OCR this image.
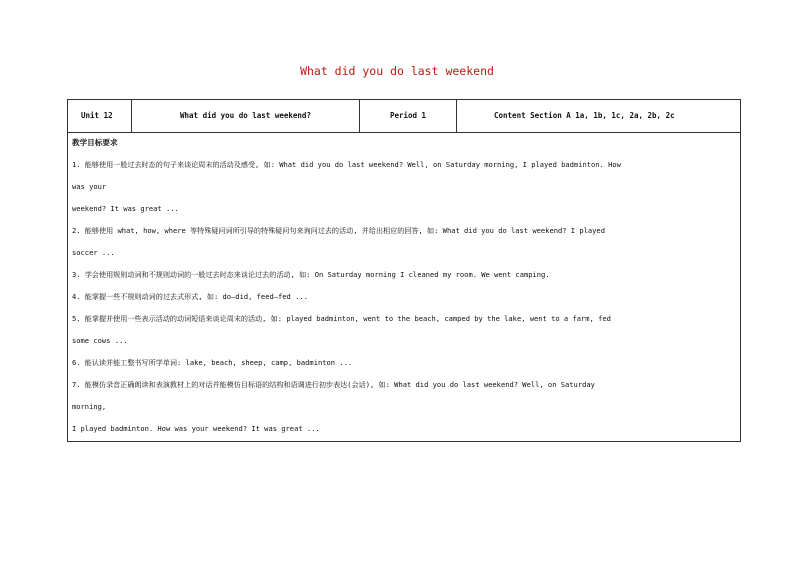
What did you do last weekend
Unit 12	What did you do last weekend?	Period 1	Content Section A 1a, 1b, 1c, 2a, 2b, 2c
教学目标要求
1. 能够使用一般过去时态的句子来谈论周末的活动及感受, 如: What did you do last weekend? Well, on Saturday morning, I played badminton. How
was your
weekend? It was great ...
2. 能够使用 what, how, where 等特殊疑问词所引导的特殊疑问句来询问过去的活动, 并给出相应的回答, 如: What did you do last weekend? I played
soccer ...
3. 学会使用规则动词和不规则动词的一般过去时态来谈论过去的活动, 如: On Saturday morning I cleaned my room. We went camping.
4. 能掌握一些不规则动词的过去式形式, 如: do—did, feed—fed ...
5. 能掌握并使用一些表示活动的动词短语来谈论周末的活动, 如: played badminton, went to the beach, camped by the lake, went to a farm, fed
some cows ...
6. 能认读并能工整书写所学单词: lake, beach, sheep, camp, badminton ...
7. 能模仿录音正确朗读和表演教材上的对话并能模仿目标语的结构和语调进行初步表达(会话), 如: What did you do last weekend? Well, on Saturday
morning,
I played badminton. How was your weekend? It was great ...
